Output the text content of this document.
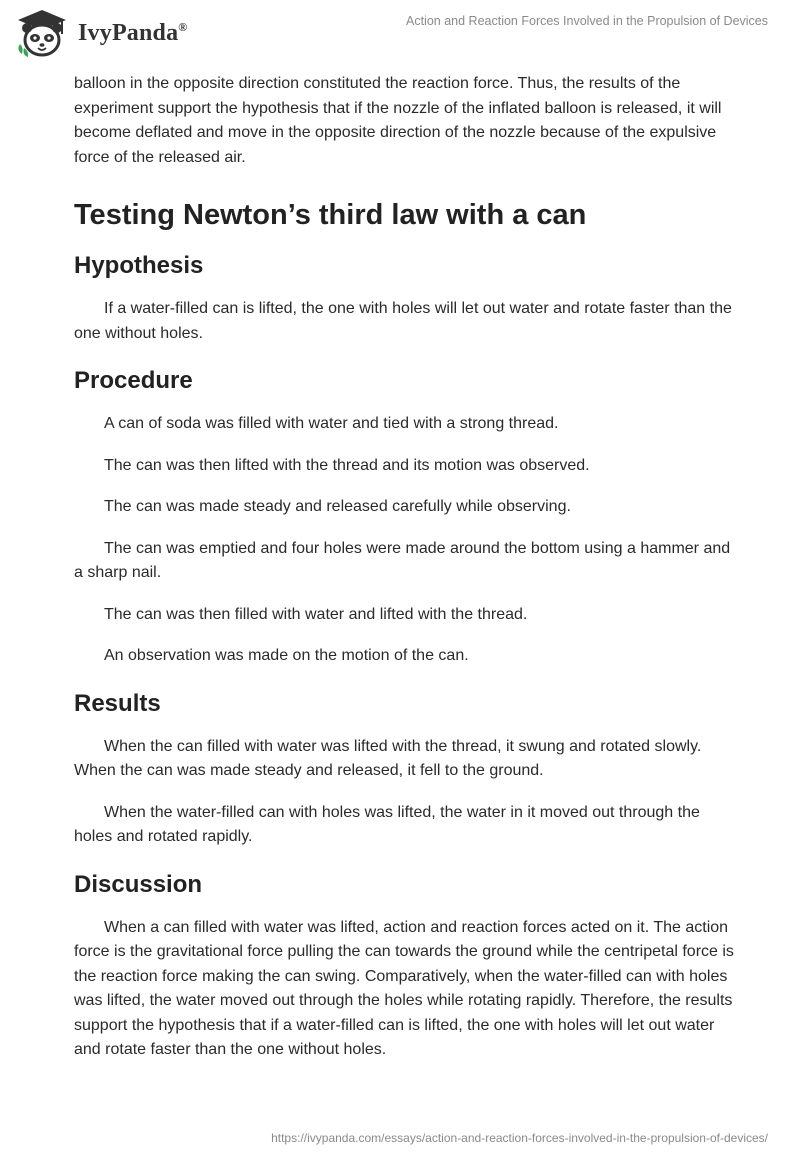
IvyPanda®	Action and Reaction Forces Involved in the Propulsion of Devices

balloon in the opposite direction constituted the reaction force. Thus, the results of the experiment support the hypothesis that if the nozzle of the inflated balloon is released, it will become deflated and move in the opposite direction of the nozzle because of the expulsive force of the released air.

Testing Newton’s third law with a can
Hypothesis

If a water-filled can is lifted, the one with holes will let out water and rotate faster than the one without holes.

Procedure

A can of soda was filled with water and tied with a strong thread.

The can was then lifted with the thread and its motion was observed.

The can was made steady and released carefully while observing.

The can was emptied and four holes were made around the bottom using a hammer and a sharp nail.

The can was then filled with water and lifted with the thread.

An observation was made on the motion of the can.

Results

When the can filled with water was lifted with the thread, it swung and rotated slowly. When the can was made steady and released, it fell to the ground.

When the water-filled can with holes was lifted, the water in it moved out through the holes and rotated rapidly.

Discussion

When a can filled with water was lifted, action and reaction forces acted on it. The action force is the gravitational force pulling the can towards the ground while the centripetal force is the reaction force making the can swing. Comparatively, when the water-filled can with holes was lifted, the water moved out through the holes while rotating rapidly. Therefore, the results support the hypothesis that if a water-filled can is lifted, the one with holes will let out water and rotate faster than the one without holes.

https://ivypanda.com/essays/action-and-reaction-forces-involved-in-the-propulsion-of-devices/
